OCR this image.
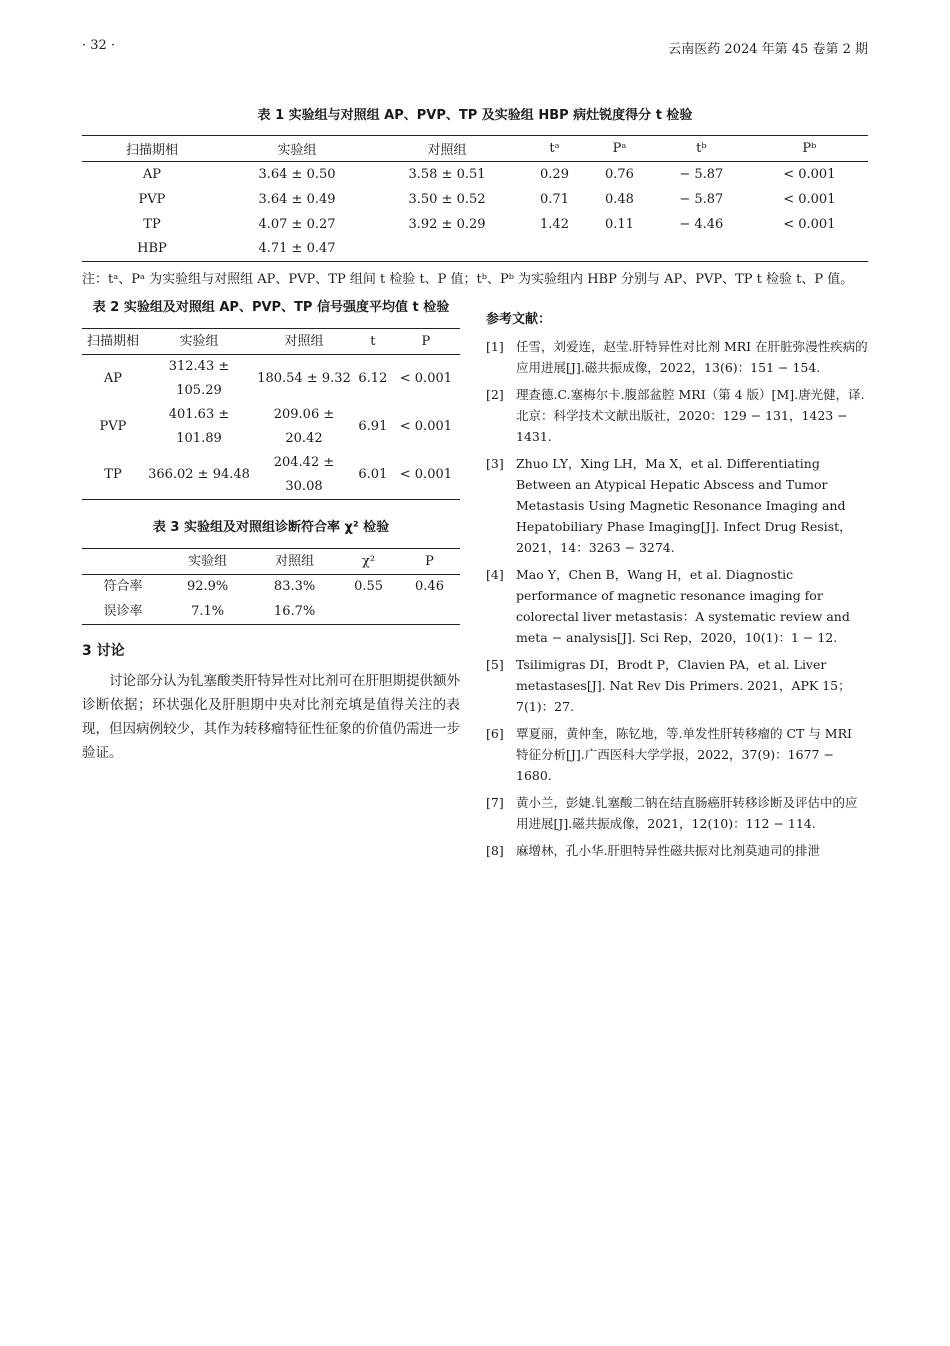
· 32 ·	云南医药 2024 年第 45 卷第 2 期
表 1 实验组与对照组 AP、PVP、TP 及实验组 HBP 病灶锐度得分 t 检验
扫描期相	实验组	对照组	tᵃ	Pᵃ	tᵇ	Pᵇ
AP	3.64 ± 0.50	3.58 ± 0.51	0.29	0.76	− 5.87	< 0.001
PVP	3.64 ± 0.49	3.50 ± 0.52	0.71	0.48	− 5.87	< 0.001
TP	4.07 ± 0.27	3.92 ± 0.29	1.42	0.11	− 4.46	< 0.001
HBP	4.71 ± 0.47					
注：tᵃ、Pᵃ 为实验组与对照组 AP、PVP、TP 组间 t 检验 t、P 值；tᵇ、Pᵇ 为实验组内 HBP 分别与 AP、PVP、TP t 检验 t、P 值。
表 2 实验组及对照组 AP、PVP、TP 信号强度平均值 t 检验
扫描期相	实验组	对照组	t	P
AP	312.43 ± 105.29	180.54 ± 9.32	6.12	< 0.001
PVP	401.63 ± 101.89	209.06 ± 20.42	6.91	< 0.001
TP	366.02 ± 94.48	204.42 ± 30.08	6.01	< 0.001
表 3 实验组及对照组诊断符合率 χ² 检验
	实验组	对照组	χ²	P
符合率	92.9%	83.3%	0.55	0.46
误诊率	7.1%	16.7%		
3 讨论

讨论部分认为钆塞酸类肝特异性对比剂可在肝胆期提供额外诊断依据；环状强化及肝胆期中央对比剂充填是值得关注的表现，但因病例较少，其作为转移瘤特征性征象的价值仍需进一步验证。

参考文献：
[1] 任雪，刘爱连，赵莹.肝特异性对比剂 MRI 在肝脏弥漫性疾病的应用进展[J].磁共振成像，2022，13(6)：151 − 154.
[2] 理查德.C.塞梅尔卡.腹部盆腔 MRI（第 4 版）[M].唐光健，译.北京：科学技术文献出版社，2020：129 − 131，1423 − 1431.
[3] Zhuo LY，Xing LH，Ma X，et al. Differentiating Between an Atypical Hepatic Abscess and Tumor Metastasis Using Magnetic Resonance Imaging and Hepatobiliary Phase Imaging[J]. Infect Drug Resist，2021，14：3263 − 3274.
[4] Mao Y，Chen B，Wang H，et al. Diagnostic performance of magnetic resonance imaging for colorectal liver metastasis：A systematic review and meta − analysis[J]. Sci Rep，2020，10(1)：1 − 12.
[5] Tsilimigras DI，Brodt P，Clavien PA，et al. Liver metastases[J]. Nat Rev Dis Primers. 2021，APK 15；7(1)：27.
[6] 覃夏丽，黄仲奎，陈钇地，等.单发性肝转移瘤的 CT 与 MRI 特征分析[J].广西医科大学学报，2022，37(9)：1677 − 1680.
[7] 黄小兰，彭婕.钆塞酸二钠在结直肠癌肝转移诊断及评估中的应用进展[J].磁共振成像，2021，12(10)：112 − 114.
[8] 麻增林，孔小华.肝胆特异性磁共振对比剂莫迪司的排泄
